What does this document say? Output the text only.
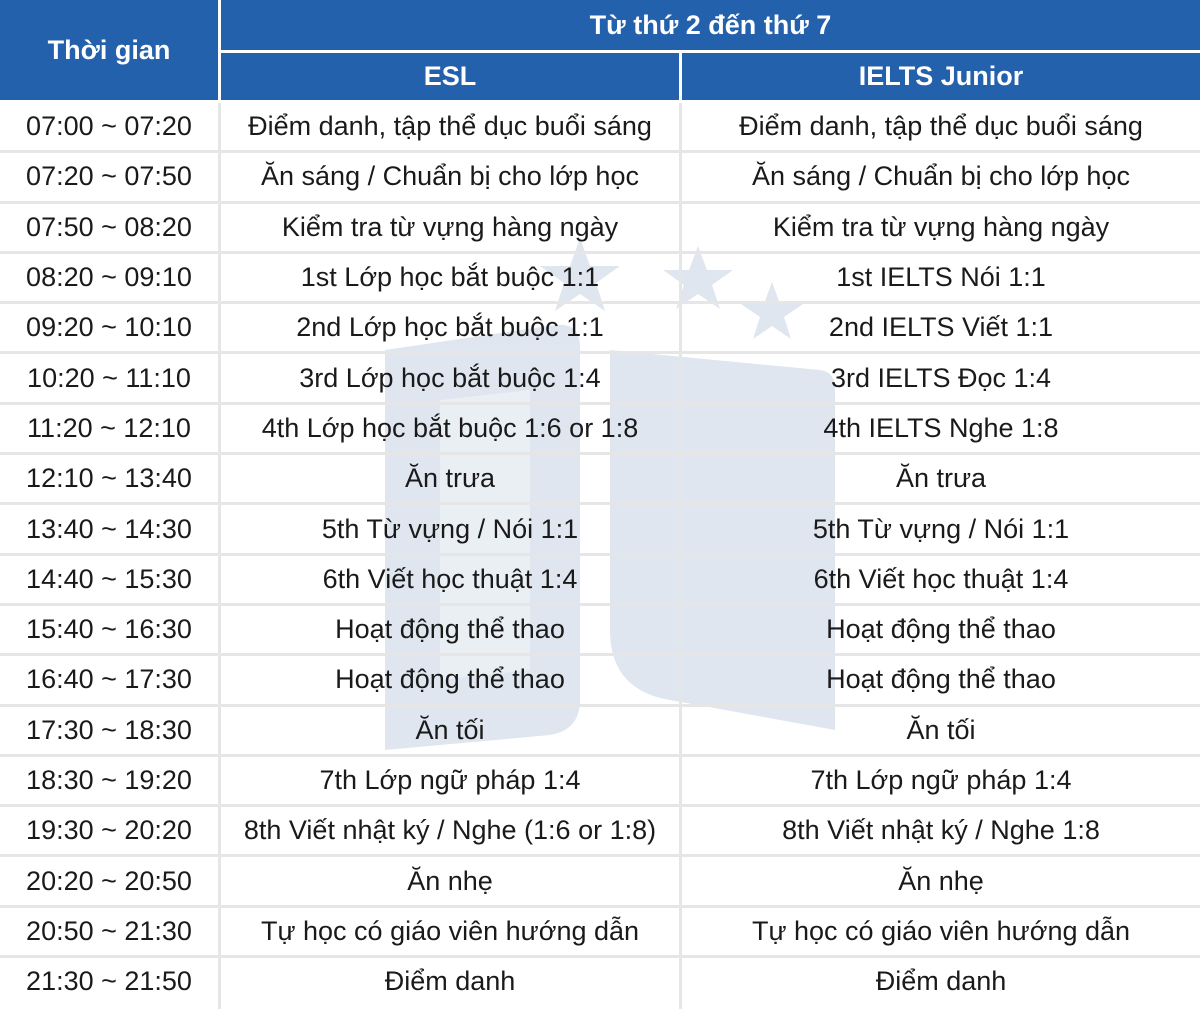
Thời gian
Từ thứ 2 đến thứ 7
ESL	IELTS Junior
07:00 ~ 07:20	Điểm danh, tập thể dục buổi sáng	Điểm danh, tập thể dục buổi sáng
07:20 ~ 07:50	Ăn sáng / Chuẩn bị cho lớp học	Ăn sáng / Chuẩn bị cho lớp học
07:50 ~ 08:20	Kiểm tra từ vựng hàng ngày	Kiểm tra từ vựng hàng ngày
08:20 ~ 09:10	1st Lớp học bắt buộc 1:1	1st IELTS Nói 1:1
09:20 ~ 10:10	2nd Lớp học bắt buộc 1:1	2nd IELTS Viết 1:1
10:20 ~ 11:10	3rd Lớp học bắt buộc 1:4	3rd IELTS Đọc 1:4
11:20 ~ 12:10	4th Lớp học bắt buộc 1:6 or 1:8	4th IELTS Nghe 1:8
12:10 ~ 13:40	Ăn trưa	Ăn trưa
13:40 ~ 14:30	5th Từ vựng / Nói 1:1	5th Từ vựng / Nói 1:1
14:40 ~ 15:30	6th Viết học thuật 1:4	6th Viết học thuật 1:4
15:40 ~ 16:30	Hoạt động thể thao	Hoạt động thể thao
16:40 ~ 17:30	Hoạt động thể thao	Hoạt động thể thao
17:30 ~ 18:30	Ăn tối	Ăn tối
18:30 ~ 19:20	7th Lớp ngữ pháp 1:4	7th Lớp ngữ pháp 1:4
19:30 ~ 20:20	8th Viết nhật ký / Nghe (1:6 or 1:8)	8th Viết nhật ký / Nghe 1:8
20:20 ~ 20:50	Ăn nhẹ	Ăn nhẹ
20:50 ~ 21:30	Tự học có giáo viên hướng dẫn	Tự học có giáo viên hướng dẫn
21:30 ~ 21:50	Điểm danh	Điểm danh
